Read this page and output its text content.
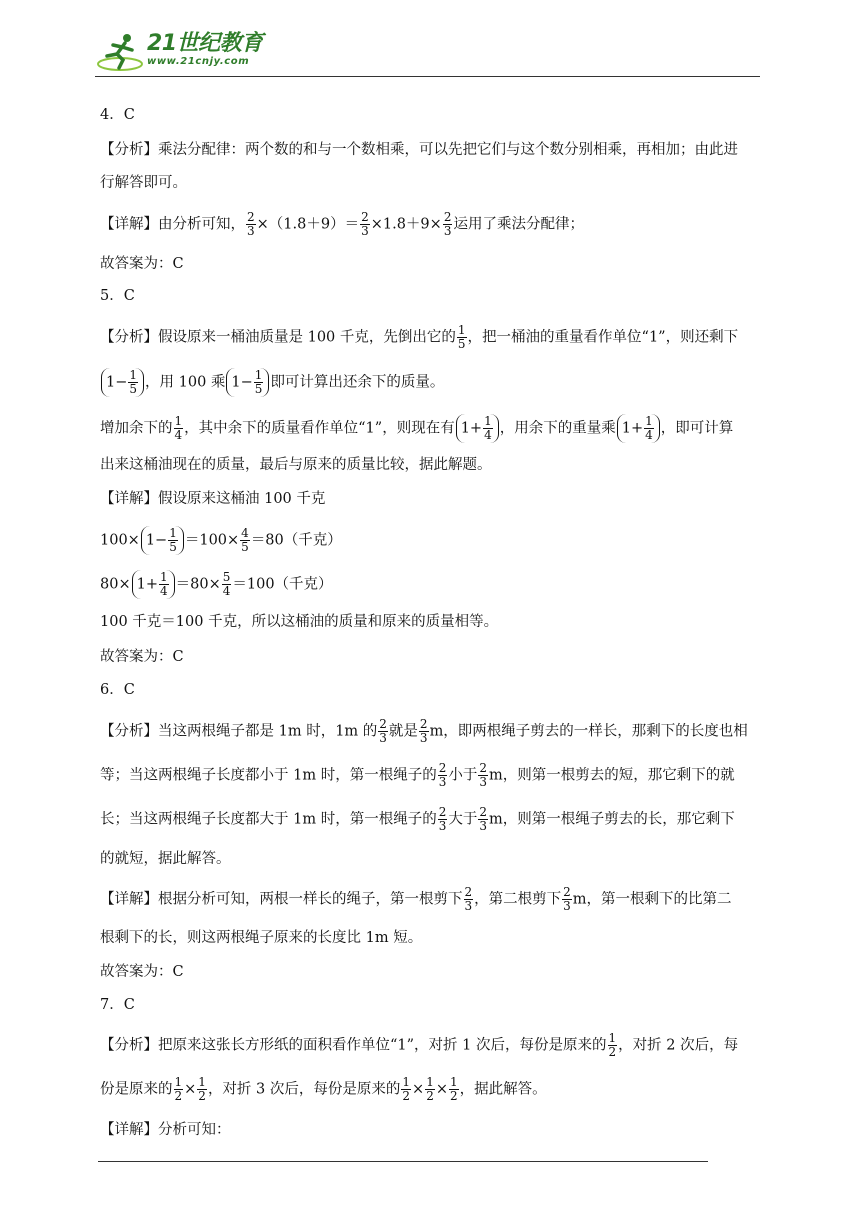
21世纪教育
www.21cnjy.com
4．C
【分析】乘法分配律：两个数的和与一个数相乘，可以先把它们与这个数分别相乘，再相加；由此进
行解答即可。
【详解】由分析可知， $\frac{2}{3} \times(1.8+9)= \frac{2}{3} \times 1.8+9\times \frac{2}{3}$ 运用了乘法分配律；
故答案为：C
5．C
【分析】假设原来一桶油质量是 100 千克，先倒出它的 $\frac{1}{5}$ ，把一桶油的重量看作单位“1”，则还剩下
$1- \frac{1}{5}$ ，用 100 乘 $1- \frac{1}{5}$ 即可计算出还余下的质量。
增加余下的 $\frac{1}{4}$ ，其中余下的质量看作单位“1”，则现在有 $1+ \frac{1}{4}$ ，用余下的重量乘 $1+ \frac{1}{4}$ ，即可计算
出来这桶油现在的质量，最后与原来的质量比较，据此解题。
【详解】假设原来这桶油 100 千克
$100\times 1- \frac{1}{5} =100\times \frac{4}{5} =80$（千克）
$80\times 1+ \frac{1}{4} =80\times \frac{5}{4} =100$（千克）
100 千克＝100 千克，所以这桶油的质量和原来的质量相等。
故答案为：C
6．C
【分析】当这两根绳子都是 1m 时，1m 的 $\frac{2}{3}$ 就是 $\frac{2}{3}$ m，即两根绳子剪去的一样长，那剩下的长度也相
等；当这两根绳子长度都小于 1m 时，第一根绳子的 $\frac{2}{3}$ 小于 $\frac{2}{3}$ m，则第一根剪去的短，那它剩下的就
长；当这两根绳子长度都大于 1m 时，第一根绳子的 $\frac{2}{3}$ 大于 $\frac{2}{3}$ m，则第一根绳子剪去的长，那它剩下
的就短，据此解答。
【详解】根据分析可知，两根一样长的绳子，第一根剪下 $\frac{2}{3}$ ，第二根剪下 $\frac{2}{3}$ m，第一根剩下的比第二
根剩下的长，则这两根绳子原来的长度比 1m 短。
故答案为：C
7．C
【分析】把原来这张长方形纸的面积看作单位“1”，对折 1 次后，每份是原来的 $\frac{1}{2}$ ，对折 2 次后，每
份是原来的 $\frac{1}{2} \times \frac{1}{2}$ ，对折 3 次后，每份是原来的 $\frac{1}{2} \times \frac{1}{2} \times \frac{1}{2}$ ，据此解答。
【详解】分析可知：
